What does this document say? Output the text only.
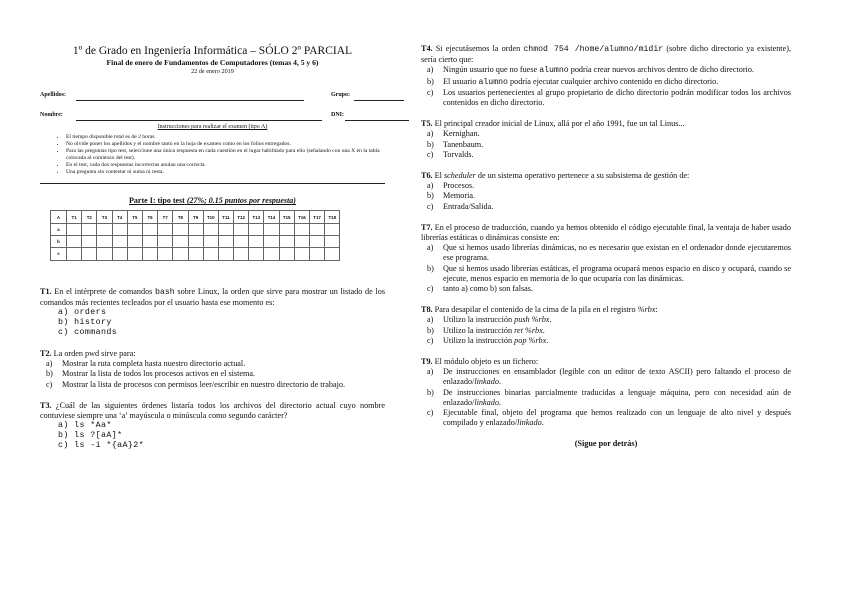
1º de Grado en Ingeniería Informática – SÓLO 2º PARCIAL
Final de enero de Fundamentos de Computadores (temas 4, 5 y 6)
22 de enero 2019
Apellidos:	Grupo:
Nombre:	DNI:
Instrucciones para realizar el examen (tipo A)
• El tiempo disponible total es de 2 horas.
• No olvide poner los apellidos y el nombre tanto en la hoja de examen como en los folios entregados.
• Para las preguntas tipo test, seleccione una única respuesta en cada cuestión en el lugar habilitado para ello (señalando con una X en la tabla colocada al comienzo del test).
• En el test, cada dos respuestas incorrectas anulan una correcta.
• Una pregunta sin contestar ni suma ni resta.
Parte I: tipo test (27%; 0.15 puntos por respuesta)
A	T1	T2	T3	T4	T5	T6	T7	T8	T9	T10	T11	T12	T13	T14	T15	T16	T17	T18
a																		
b																		
c																		
T1. En el intérprete de comandos bash sobre Linux, la orden que sirve para mostrar un listado de los comandos más recientes tecleados por el usuario hasta ese momento es:
a) orders
b) history
c) commands
T2. La orden pwd sirve para:
a) Mostrar la ruta completa hasta nuestro directorio actual.
b) Mostrar la lista de todos los procesos activos en el sistema.
c) Mostrar la lista de procesos con permisos leer/escribir en nuestro directorio de trabajo.
T3. ¿Cuál de las siguientes órdenes listaría todos los archivos del directorio actual cuyo nombre contuviese siempre una ‘a’ mayúscula o minúscula como segundo carácter?
a) ls *Aa*
b) ls ?[aA]*
c) ls -i *{aA}2*
T4. Si ejecutásemos la orden chmod 754 /home/alumno/midir (sobre dicho directorio ya existente), sería cierto que:
a) Ningún usuario que no fuese alumno podría crear nuevos archivos dentro de dicho directorio.
b) El usuario alumno podría ejecutar cualquier archivo contenido en dicho directorio.
c) Los usuarios pertenecientes al grupo propietario de dicho directorio podrán modificar todos los archivos contenidos en dicho directorio.
T5. El principal creador inicial de Linux, allá por el año 1991, fue un tal Linus...
a) Kernighan.
b) Tanenbaum.
c) Torvalds.
T6. El scheduler de un sistema operativo pertenece a su subsistema de gestión de:
a) Procesos.
b) Memoria.
c) Entrada/Salida.
T7. En el proceso de traducción, cuando ya hemos obtenido el código ejecutable final, la ventaja de haber usado librerías estáticas o dinámicas consiste en:
a) Que si hemos usado librerías dinámicas, no es necesario que existan en el ordenador donde ejecutaremos ese programa.
b) Que si hemos usado librerías estáticas, el programa ocupará menos espacio en disco y ocupará, cuando se ejecute, menos espacio en memoria de lo que ocuparía con las dinámicas.
c) tanto a) como b) son falsas.
T8. Para desapilar el contenido de la cima de la pila en el registro %rbx:
a) Utilizo la instrucción push %rbx.
b) Utilizo la instrucción ret %rbx.
c) Utilizo la instrucción pop %rbx.
T9. El módulo objeto es un fichero:
a) De instrucciones en ensamblador (legible con un editor de texto ASCII) pero faltando el proceso de enlazado/linkado.
b) De instrucciones binarias parcialmente traducidas a lenguaje máquina, pero con necesidad aún de enlazado/linkado.
c) Ejecutable final, objeto del programa que hemos realizado con un lenguaje de alto nivel y después compilado y enlazado/linkado.
(Sigue por detrás)
